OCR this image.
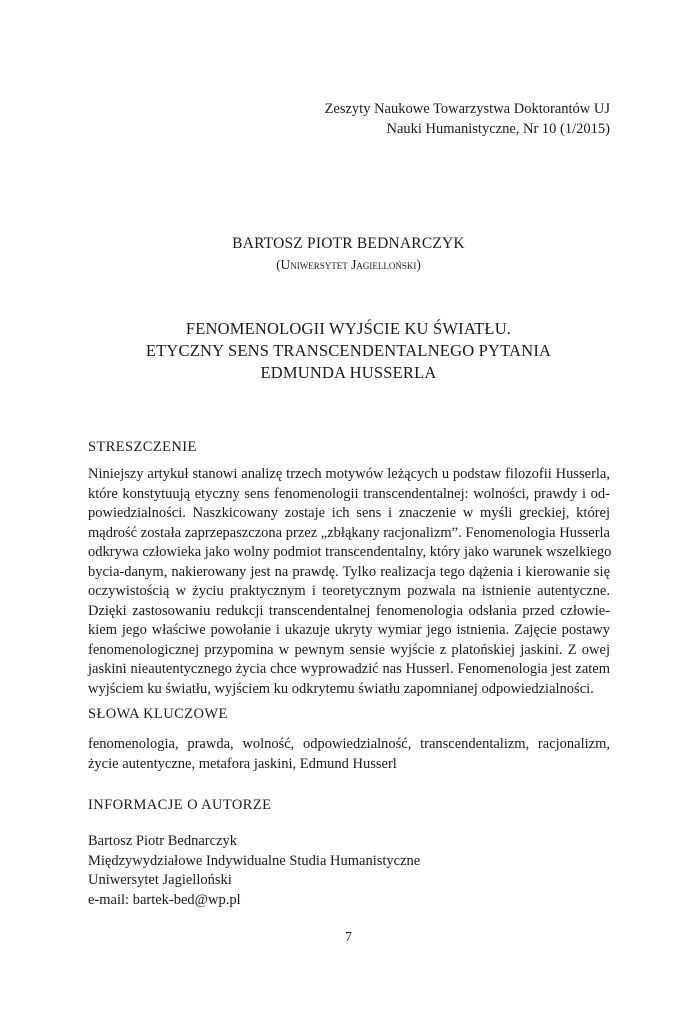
Zeszyty Naukowe Towarzystwa Doktorantów UJ
Nauki Humanistyczne, Nr 10 (1/2015)
BARTOSZ PIOTR BEDNARCZYK
(Uniwersytet Jagielloński)
FENOMENOLOGII WYJŚCIE KU ŚWIATŁU.
ETYCZNY SENS TRANSCENDENTALNEGO PYTANIA
EDMUNDA HUSSERLA
STRESZCZENIE
Niniejszy artykuł stanowi analizę trzech motywów leżących u podstaw filozofii Husserla,
które konstytuują etyczny sens fenomenologii transcendentalnej: wolności, prawdy i od-
powiedzialności. Naszkicowany zostaje ich sens i znaczenie w myśli greckiej, której
mądrość została zaprzepaszczona przez „zbłąkany racjonalizm”. Fenomenologia Husserla
odkrywa człowieka jako wolny podmiot transcendentalny, który jako warunek wszelkiego
bycia-danym, nakierowany jest na prawdę. Tylko realizacja tego dążenia i kierowanie się
oczywistością w życiu praktycznym i teoretycznym pozwala na istnienie autentyczne.
Dzięki zastosowaniu redukcji transcendentalnej fenomenologia odsłania przed człowie-
kiem jego właściwe powołanie i ukazuje ukryty wymiar jego istnienia. Zajęcie postawy
fenomenologicznej przypomina w pewnym sensie wyjście z platońskiej jaskini. Z owej
jaskini nieautentycznego życia chce wyprowadzić nas Husserl. Fenomenologia jest zatem
wyjściem ku światłu, wyjściem ku odkrytemu światłu zapomnianej odpowiedzialności.
SŁOWA KLUCZOWE
fenomenologia, prawda, wolność, odpowiedzialność, transcendentalizm, racjonalizm,
życie autentyczne, metafora jaskini, Edmund Husserl
INFORMACJE O AUTORZE
Bartosz Piotr Bednarczyk
Międzywydziałowe Indywidualne Studia Humanistyczne
Uniwersytet Jagielloński
e-mail: bartek-bed@wp.pl
7
